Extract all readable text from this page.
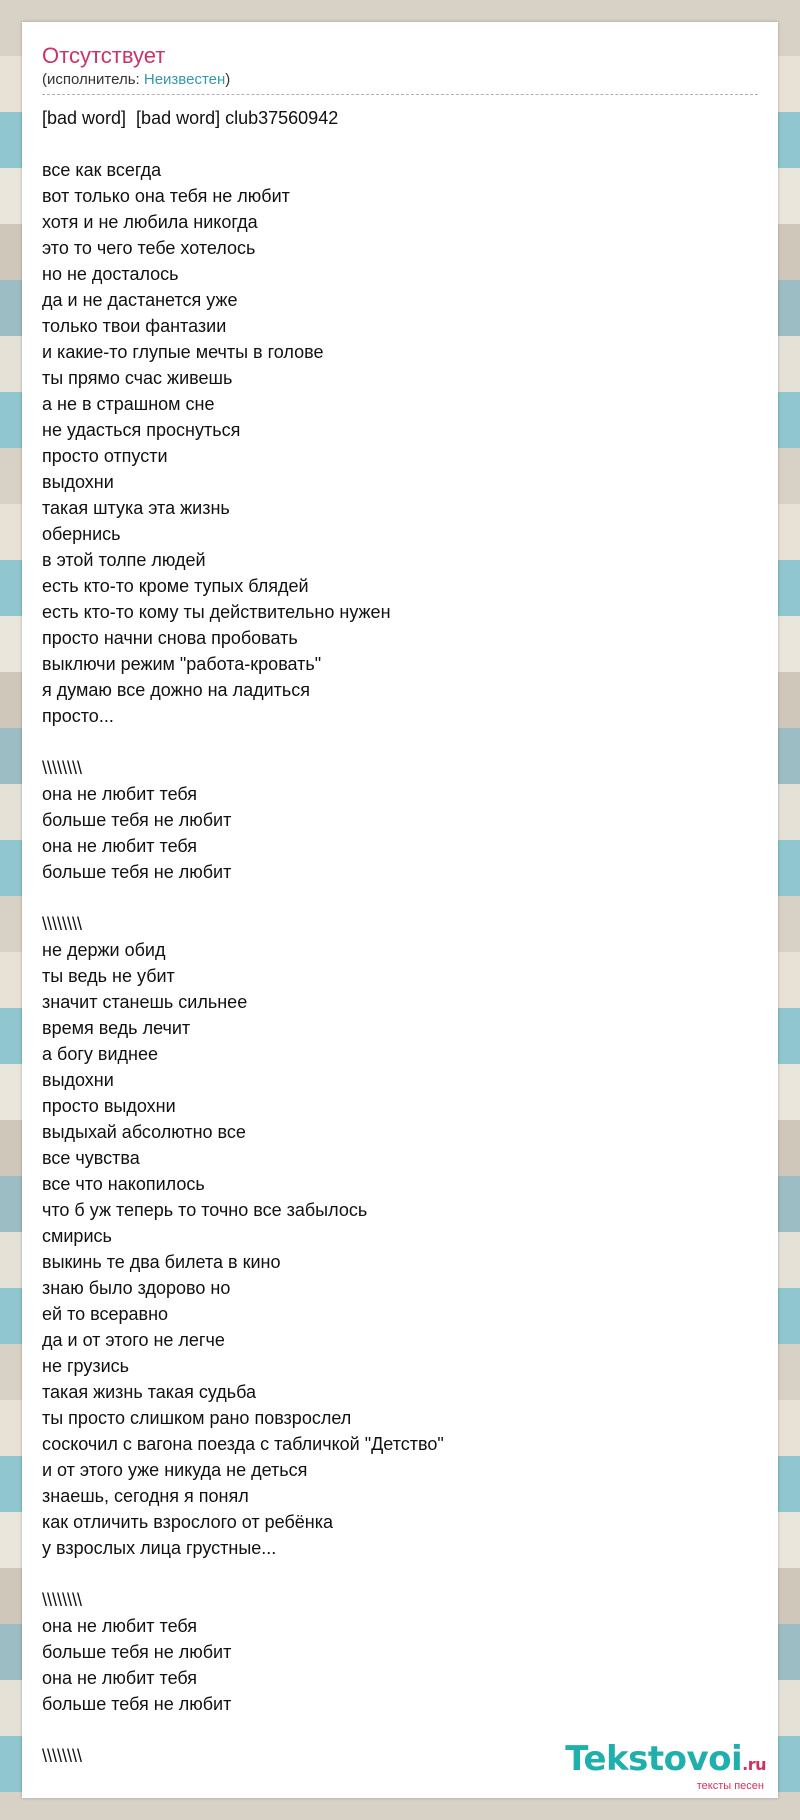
Отсутствует
(исполнитель: Неизвестен)
[bad word]  [bad word] club37560942
все как всегда
вот только она тебя не любит
хотя и не любила никогда
это то чего тебе хотелось
но не досталось
да и не дастанется уже
только твои фантазии
и какие-то глупые мечты в голове
ты прямо счас живешь
а не в страшном сне
не удасться проснуться
просто отпусти
выдохни
такая штука эта жизнь
обернись
в этой толпе людей
есть кто-то кроме тупых блядей
есть кто-то кому ты действительно нужен
просто начни снова пробовать
выключи режим "работа-кровать"
я думаю все дожно на ладиться
просто...
\\\\\\\\
она не любит тебя
больше тебя не любит
она не любит тебя
больше тебя не любит
\\\\\\\\
не держи обид
ты ведь не убит
значит станешь сильнее
время ведь лечит
а богу виднее
выдохни
просто выдохни
выдыхай абсолютно все
все чувства
все что накопилось
что б уж теперь то точно все забылось
смирись
выкинь те два билета в кино
знаю было здорово но
ей то всеравно
да и от этого не легче
не грузись
такая жизнь такая судьба
ты просто слишком рано повзрослел
соскочил с вагона поезда с табличкой "Детство"
и от этого уже никуда не деться
знаешь, сегодня я понял
как отличить взрослого от ребёнка
у взрослых лица грустные...
\\\\\\\\
она не любит тебя
больше тебя не любит
она не любит тебя
больше тебя не любит
\\\\\\\\	Tekstovoi.ru
тексты песен
